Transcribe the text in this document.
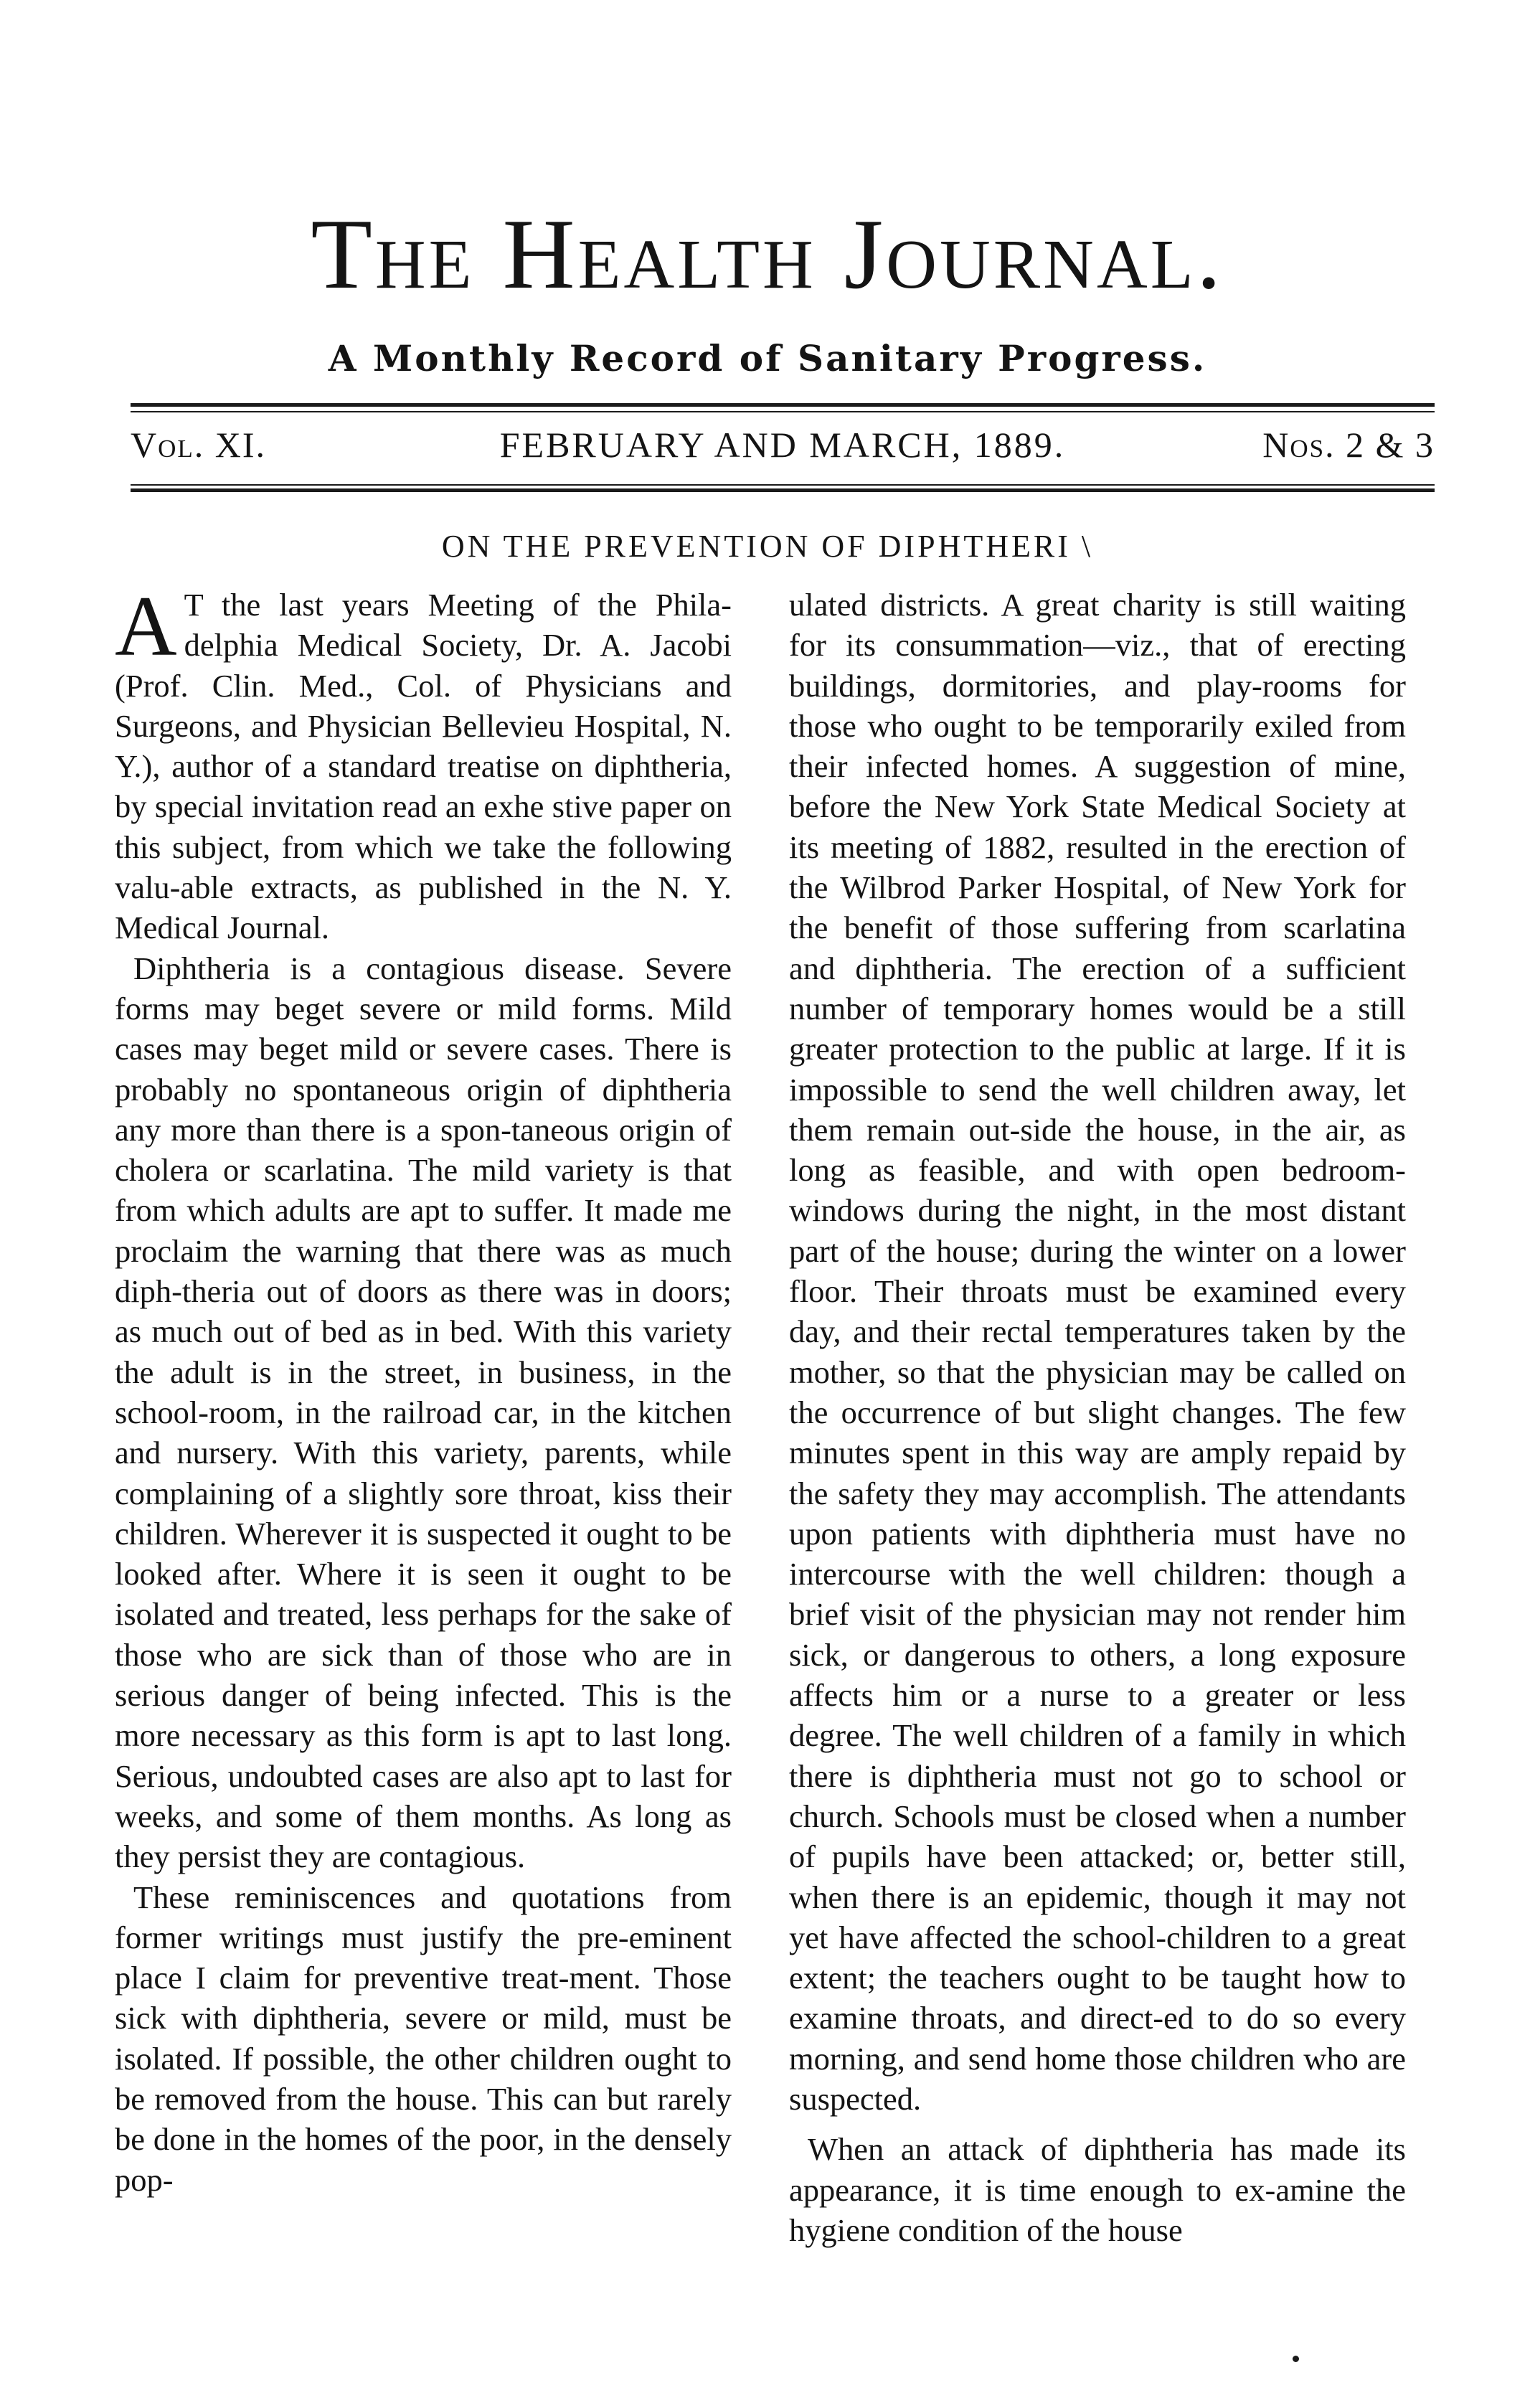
The Health Journal.
A Monthly Record of Sanitary Progress.
Vol. XI.	FEBRUARY AND MARCH, 1889.	Nos. 2 & 3
ON THE PREVENTION OF DIPHTHERI \

A T the last years Meeting of the Phila-delphia Medical Society, Dr. A. Jacobi (Prof. Clin. Med., Col. of Physicians and Surgeons, and Physician Bellevieu Hospital, N. Y.), author of a standard treatise on diphtheria, by special invitation read an exhe stive paper on this subject, from which we take the following valu-able extracts, as published in the N. Y. Medical Journal.

Diphtheria is a contagious disease. Severe forms may beget severe or mild forms. Mild cases may beget mild or severe cases. There is probably no spontaneous origin of diphtheria any more than there is a spon-taneous origin of cholera or scarlatina. The mild variety is that from which adults are apt to suffer. It made me proclaim the warning that there was as much diph-theria out of doors as there was in doors; as much out of bed as in bed. With this variety the adult is in the street, in business, in the school-room, in the railroad car, in the kitchen and nursery. With this variety, parents, while complaining of a slightly sore throat, kiss their children. Wherever it is suspected it ought to be looked after. Where it is seen it ought to be isolated and treated, less perhaps for the sake of those who are sick than of those who are in serious danger of being infected. This is the more necessary as this form is apt to last long. Serious, undoubted cases are also apt to last for weeks, and some of them months. As long as they persist they are contagious.

These reminiscences and quotations from former writings must justify the pre-eminent place I claim for preventive treat-ment. Those sick with diphtheria, severe or mild, must be isolated. If possible, the other children ought to be removed from the house. This can but rarely be done in the homes of the poor, in the densely pop-

ulated districts. A great charity is still waiting for its consummation—viz., that of erecting buildings, dormitories, and play-rooms for those who ought to be temporarily exiled from their infected homes. A suggestion of mine, before the New York State Medical Society at its meeting of 1882, resulted in the erection of the Wilbrod Parker Hospital, of New York for the benefit of those suffering from scarlatina and diphtheria. The erection of a sufficient number of temporary homes would be a still greater protection to the public at large. If it is impossible to send the well children away, let them remain out-side the house, in the air, as long as feasible, and with open bedroom-windows during the night, in the most distant part of the house; during the winter on a lower floor. Their throats must be examined every day, and their rectal temperatures taken by the mother, so that the physician may be called on the occurrence of but slight changes. The few minutes spent in this way are amply repaid by the safety they may accomplish. The attendants upon patients with diphtheria must have no intercourse with the well children: though a brief visit of the physician may not render him sick, or dangerous to others, a long exposure affects him or a nurse to a greater or less degree. The well children of a family in which there is diphtheria must not go to school or church. Schools must be closed when a number of pupils have been attacked; or, better still, when there is an epidemic, though it may not yet have affected the school-children to a great extent; the teachers ought to be taught how to examine throats, and direct-ed to do so every morning, and send home those children who are suspected.

When an attack of diphtheria has made its appearance, it is time enough to ex-amine the hygiene condition of the house
